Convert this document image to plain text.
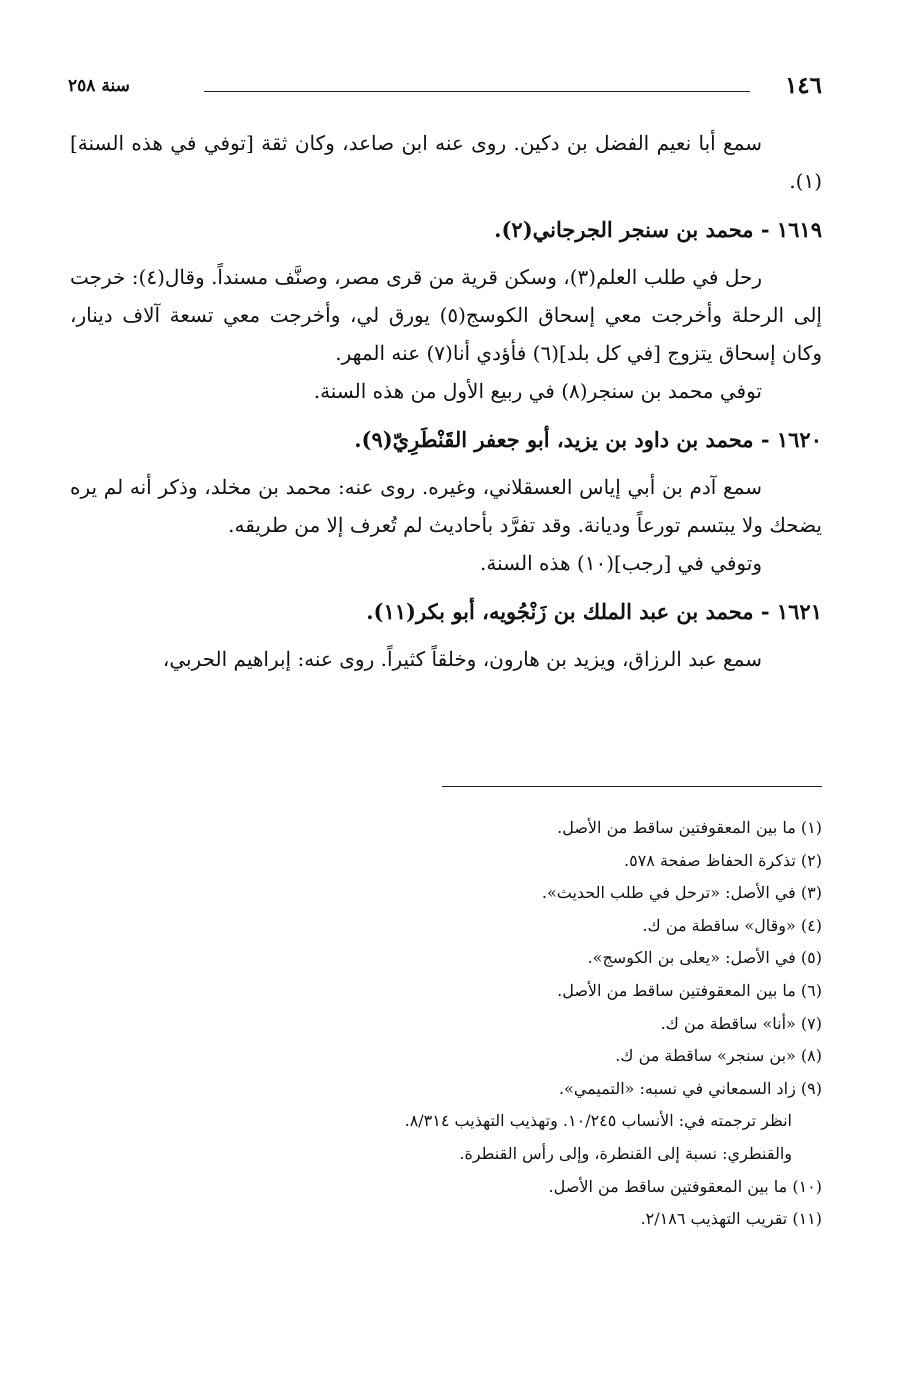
١٤٦
سنة ٢٥٨

سمع أبا نعيم الفضل بن دكين. روى عنه ابن صاعد، وكان ثقة [توفي في هذه السنة](١).

١٦١٩ - محمد بن سنجر الجرجاني(٢).

رحل في طلب العلم(٣)، وسكن قرية من قرى مصر، وصنَّف مسنداً. وقال(٤): خرجت إلى الرحلة وأخرجت معي إسحاق الكوسج(٥) يورق لي، وأخرجت معي تسعة آلاف دينار، وكان إسحاق يتزوج [في كل بلد](٦) فأؤدي أنا(٧) عنه المهر.

توفي محمد بن سنجر(٨) في ربيع الأول من هذه السنة.

١٦٢٠ - محمد بن داود بن يزيد، أبو جعفر القَنْطَرِيّ(٩).

سمع آدم بن أبي إياس العسقلاني، وغيره. روى عنه: محمد بن مخلد، وذكر أنه لم يره يضحك ولا يبتسم تورعاً وديانة. وقد تفرَّد بأحاديث لم تُعرف إلا من طريقه.

وتوفي في [رجب](١٠) هذه السنة.

١٦٢١ - محمد بن عبد الملك بن زَنْجُويه، أبو بكر(١١).

سمع عبد الرزاق، ويزيد بن هارون، وخلقاً كثيراً. روى عنه: إبراهيم الحربي،

(١) ما بين المعقوفتين ساقط من الأصل.

(٢) تذكرة الحفاظ صفحة ٥٧٨.

(٣) في الأصل: «ترحل في طلب الحديث».

(٤) «وقال» ساقطة من ك.

(٥) في الأصل: «يعلى بن الكوسج».

(٦) ما بين المعقوفتين ساقط من الأصل.

(٧) «أنا» ساقطة من ك.

(٨) «بن سنجر» ساقطة من ك.

(٩) زاد السمعاني في نسبه: «التميمي».

انظر ترجمته في: الأنساب ١٠/٢٤٥. وتهذيب التهذيب ٨/٣١٤.

والقنطري: نسبة إلى القنطرة، وإلى رأس القنطرة.

(١٠) ما بين المعقوفتين ساقط من الأصل.

(١١) تقريب التهذيب ٢/١٨٦.
